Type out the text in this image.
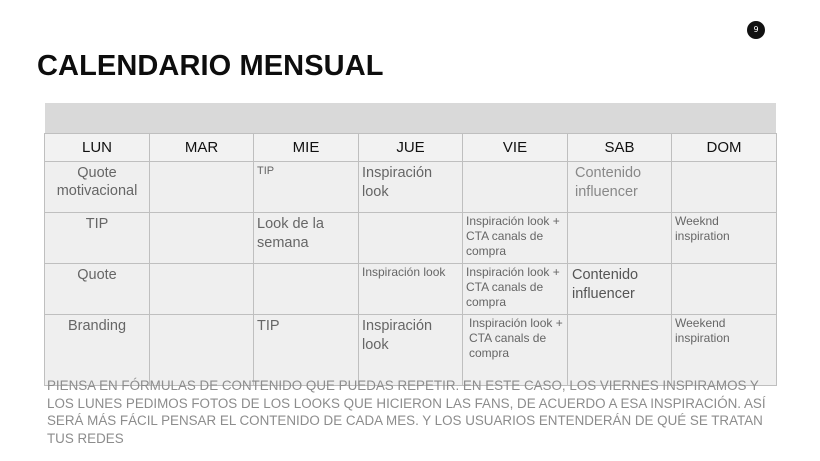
9
CALENDARIO MENSUAL
LUN	MAR	MIE	JUE	VIE	SAB	DOM

Quote motivacional		TIP	Inspiración look		Contenido influencer	

TIP		Look de la semana		Inspiración look + CTA canals de compra		Weeknd inspiration

Quote			Inspiración look	Inspiración look + CTA canals de compra	Contenido influencer	

Branding		TIP	Inspiración look	Inspiración look + CTA canals de compra		Weekend inspiration

PIENSA EN FÓRMULAS DE CONTENIDO QUE PUEDAS REPETIR. EN ESTE CASO, LOS VIERNES INSPIRAMOS Y LOS LUNES PEDIMOS FOTOS DE LOS LOOKS QUE HICIERON LAS FANS, DE ACUERDO A ESA INSPIRACIÓN. ASÍ SERÁ MÁS FÁCIL PENSAR EL CONTENIDO DE CADA MES. Y LOS USUARIOS ENTENDERÁN DE QUÉ SE TRATAN TUS REDES
